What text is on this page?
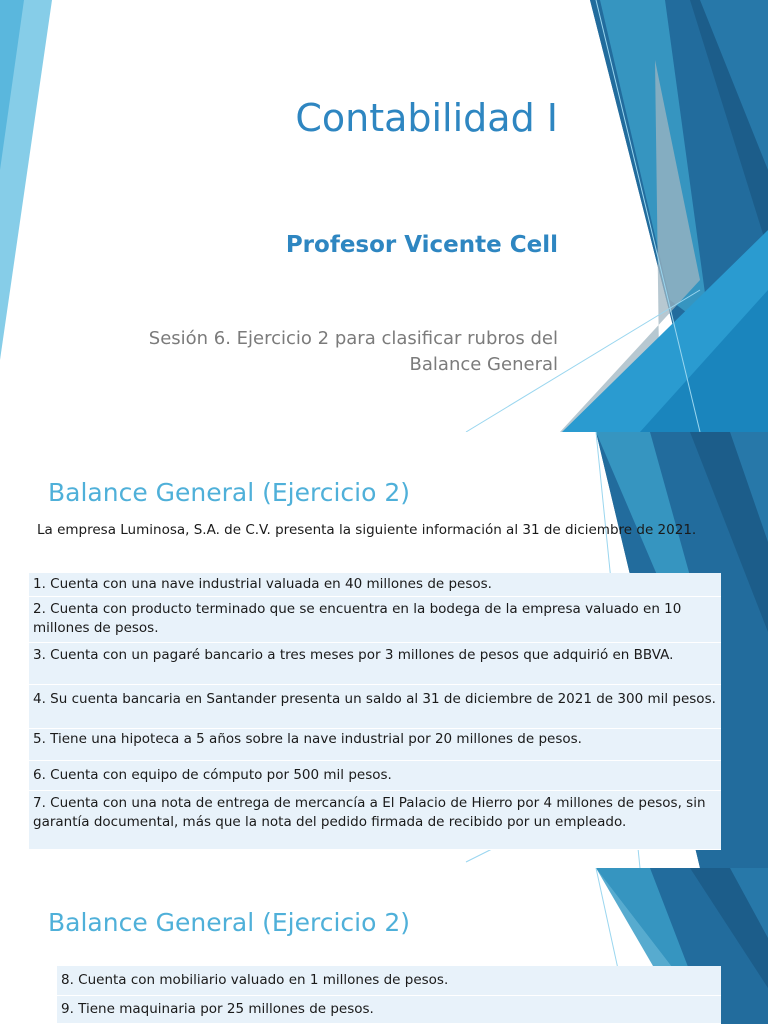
Contabilidad I
Profesor Vicente Cell
Sesión 6. Ejercicio 2 para clasificar rubros del Balance General
Balance General (Ejercicio 2)

La empresa Luminosa, S.A. de C.V. presenta la siguiente información al 31 de diciembre de 2021.

1. Cuenta con una nave industrial valuada en 40 millones de pesos.
2. Cuenta con producto terminado que se encuentra en la bodega de la empresa valuado en 10 millones de pesos.
3. Cuenta con un pagaré bancario a tres meses por 3 millones de pesos que adquirió en BBVA.
4. Su cuenta bancaria en Santander presenta un saldo al 31 de diciembre de 2021 de 300 mil pesos.
5. Tiene una hipoteca a 5 años sobre la nave industrial por 20 millones de pesos.
6. Cuenta con equipo de cómputo por 500 mil pesos.
7. Cuenta con una nota de entrega de mercancía a El Palacio de Hierro por 4 millones de pesos, sin garantía documental, más que la nota del pedido firmada de recibido por un empleado.
Balance General (Ejercicio 2)
8. Cuenta con mobiliario valuado en 1 millones de pesos.
9. Tiene maquinaria por 25 millones de pesos.
